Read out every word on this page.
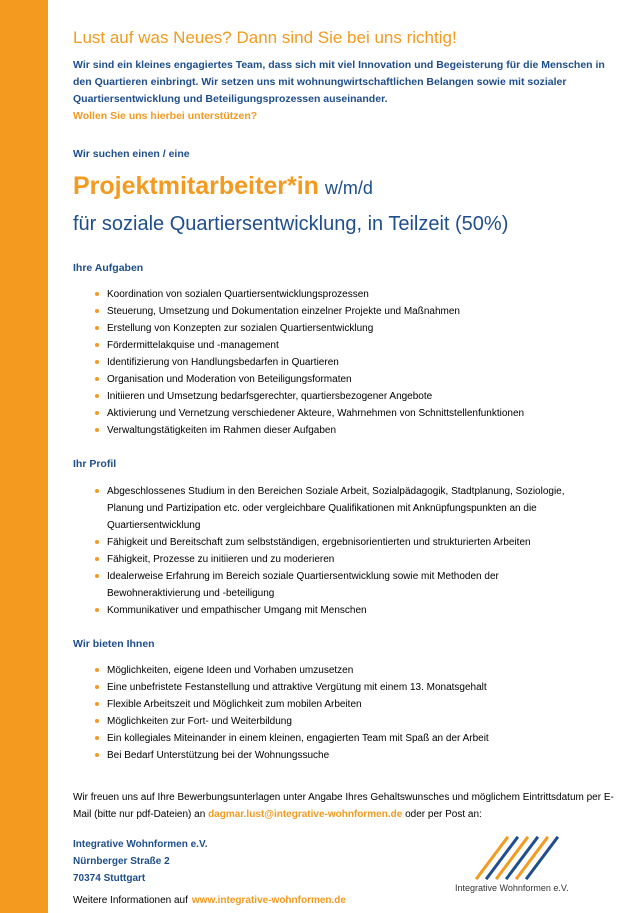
Lust auf was Neues? Dann sind Sie bei uns richtig!
Wir sind ein kleines engagiertes Team, dass sich mit viel Innovation und Begeisterung für die Menschen in den Quartieren einbringt. Wir setzen uns mit wohnungwirtschaftlichen Belangen sowie mit sozialer Quartiersentwicklung und Beteiligungsprozessen auseinander.
Wollen Sie uns hierbei unterstützen?
Wir suchen einen / eine
Projektmitarbeiter*in w/m/d
für soziale Quartiersentwicklung, in Teilzeit (50%)
Ihre Aufgaben
Koordination von sozialen Quartiersentwicklungsprozessen
Steuerung, Umsetzung und Dokumentation einzelner Projekte und Maßnahmen
Erstellung von Konzepten zur sozialen Quartiersentwicklung
Fördermittelakquise und -management
Identifizierung von Handlungsbedarfen in Quartieren
Organisation und Moderation von Beteiligungsformaten
Initiieren und Umsetzung bedarfsgerechter, quartiersbezogener Angebote
Aktivierung und Vernetzung verschiedener Akteure, Wahrnehmen von Schnittstellenfunktionen
Verwaltungstätigkeiten im Rahmen dieser Aufgaben
Ihr Profil
Abgeschlossenes Studium in den Bereichen Soziale Arbeit, Sozialpädagogik, Stadtplanung, Soziologie, Planung und Partizipation etc. oder vergleichbare Qualifikationen mit Anknüpfungspunkten an die Quartiersentwicklung
Fähigkeit und Bereitschaft zum selbstständigen, ergebnisorientierten und strukturierten Arbeiten
Fähigkeit, Prozesse zu initiieren und zu moderieren
Idealerweise Erfahrung im Bereich soziale Quartiersentwicklung sowie mit Methoden der Bewohneraktivierung und -beteiligung
Kommunikativer und empathischer Umgang mit Menschen
Wir bieten Ihnen
Möglichkeiten, eigene Ideen und Vorhaben umzusetzen
Eine unbefristete Festanstellung und attraktive Vergütung mit einem 13. Monatsgehalt
Flexible Arbeitszeit und Möglichkeit zum mobilen Arbeiten
Möglichkeiten zur Fort- und Weiterbildung
Ein kollegiales Miteinander in einem kleinen, engagierten Team mit Spaß an der Arbeit
Bei Bedarf Unterstützung bei der Wohnungssuche
Wir freuen uns auf Ihre Bewerbungsunterlagen unter Angabe Ihres Gehaltswunsches und möglichem Eintrittsdatum per E-Mail (bitte nur pdf-Dateien) an dagmar.lust@integrative-wohnformen.de oder per Post an:
Integrative Wohnformen e.V.
Nürnberger Straße 2
70374 Stuttgart
Weitere Informationen auf www.integrative-wohnformen.de
Integrative Wohnformen e.V.
